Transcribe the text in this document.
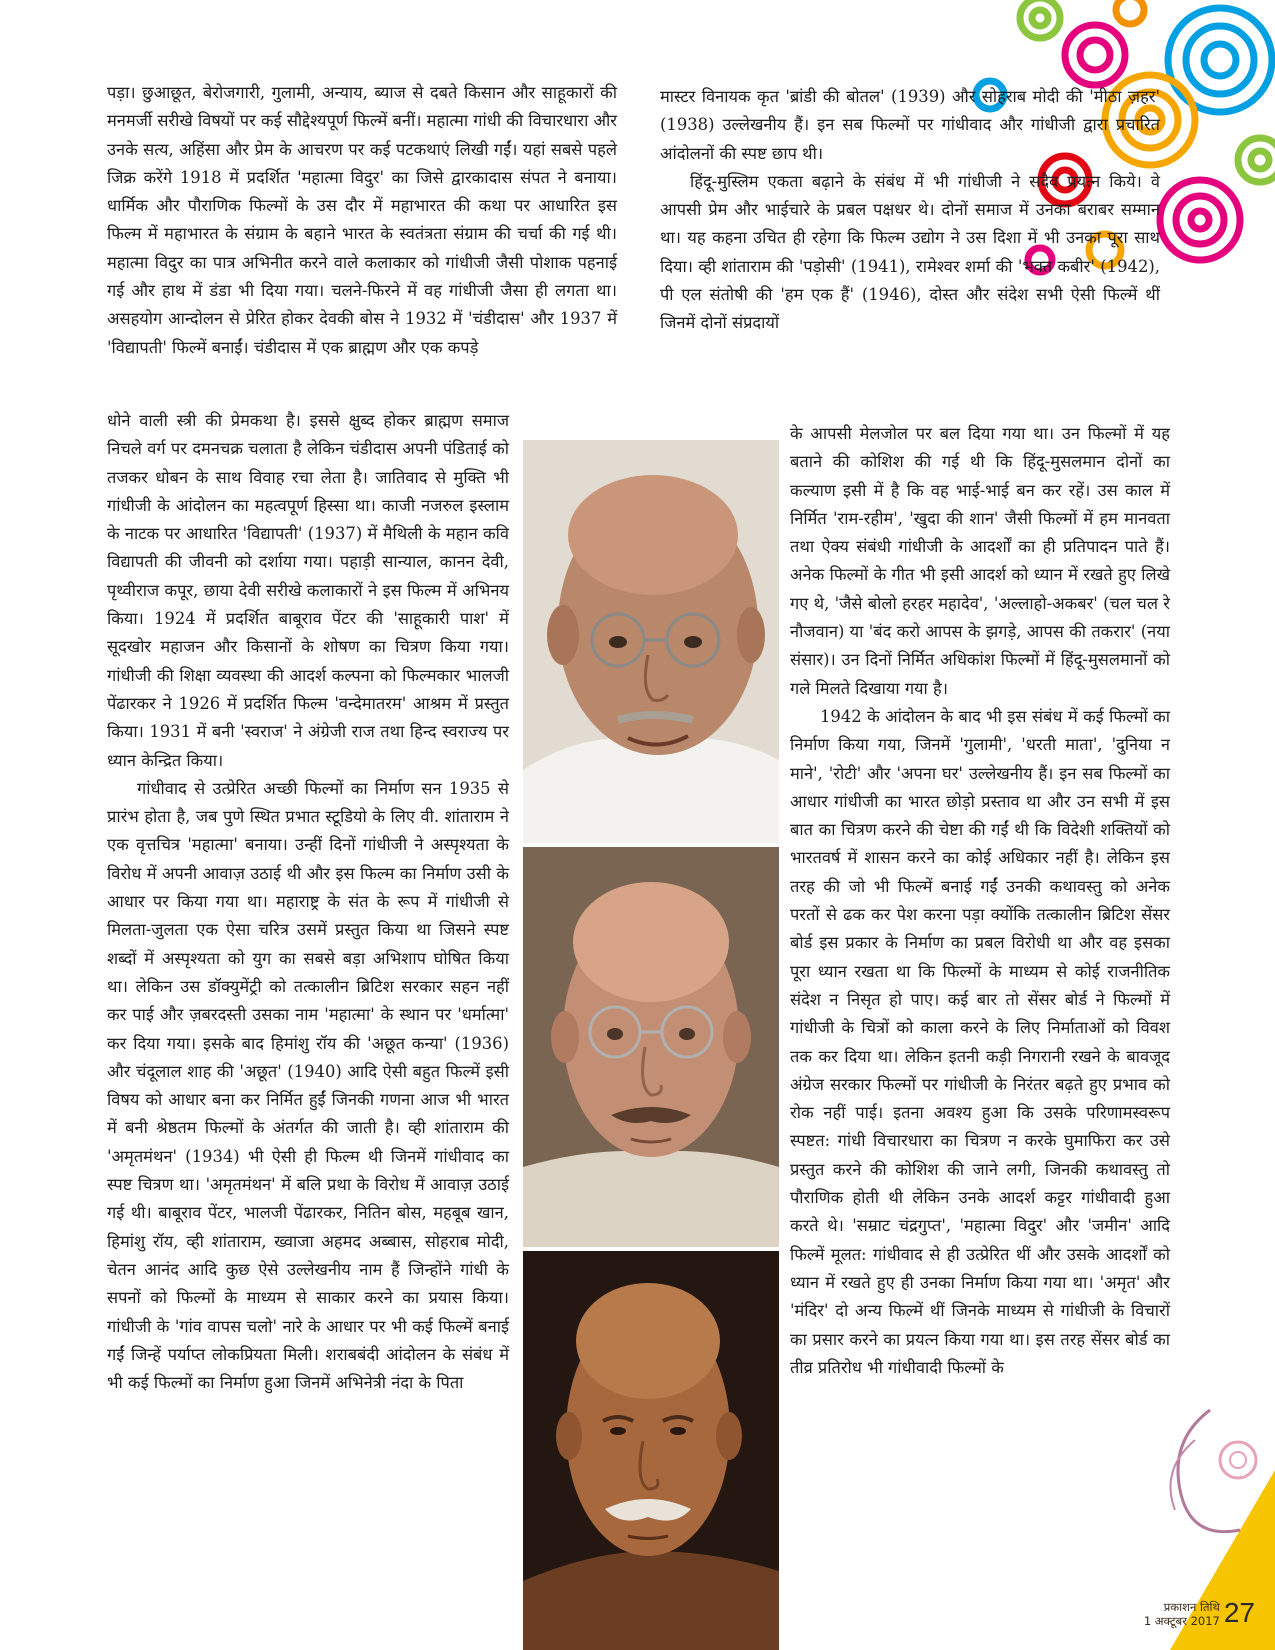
पड़ा। छुआछूत, बेरोजगारी, गुलामी, अन्याय, ब्याज से दबते किसान और साहूकारों की मनमर्जी सरीखे विषयों पर कई सौद्देश्यपूर्ण फिल्में बनीं। महात्मा गांधी की विचारधारा और उनके सत्य, अहिंसा और प्रेम के आचरण पर कई पटकथाएं लिखी गईं। यहां सबसे पहले जिक्र करेंगे 1918 में प्रदर्शित 'महात्मा विदुर' का जिसे द्वारकादास संपत ने बनाया। धार्मिक और पौराणिक फिल्मों के उस दौर में महाभारत की कथा पर आधारित इस फिल्म में महाभारत के संग्राम के बहाने भारत के स्वतंत्रता संग्राम की चर्चा की गई थी। महात्मा विदुर का पात्र अभिनीत करने वाले कलाकार को गांधीजी जैसी पोशाक पहनाई गई और हाथ में डंडा भी दिया गया। चलने-फिरने में वह गांधीजी जैसा ही लगता था। असहयोग आन्दोलन से प्रेरित होकर देवकी बोस ने 1932 में 'चंडीदास' और 1937 में 'विद्यापती' फिल्में बनाईं। चंडीदास में एक ब्राह्मण और एक कपड़े

धोने वाली स्त्री की प्रेमकथा है। इससे क्षुब्द होकर ब्राह्मण समाज निचले वर्ग पर दमनचक्र चलाता है लेकिन चंडीदास अपनी पंडिताई को तजकर धोबन के साथ विवाह रचा लेता है। जातिवाद से मुक्ति भी गांधीजी के आंदोलन का महत्वपूर्ण हिस्सा था। काजी नजरुल इस्लाम के नाटक पर आधारित 'विद्यापती' (1937) में मैथिली के महान कवि विद्यापती की जीवनी को दर्शाया गया। पहाड़ी सान्याल, कानन देवी, पृथ्वीराज कपूर, छाया देवी सरीखे कलाकारों ने इस फिल्म में अभिनय किया। 1924 में प्रदर्शित बाबूराव पेंटर की 'साहूकारी पाश' में सूदखोर महाजन और किसानों के शोषण का चित्रण किया गया। गांधीजी की शिक्षा व्यवस्था की आदर्श कल्पना को फिल्मकार भालजी पेंढारकर ने 1926 में प्रदर्शित फिल्म 'वन्देमातरम' आश्रम में प्रस्तुत किया। 1931 में बनी 'स्वराज' ने अंग्रेजी राज तथा हिन्द स्वराज्य पर ध्यान केन्द्रित किया।

गांधीवाद से उत्प्रेरित अच्छी फिल्मों का निर्माण सन 1935 से प्रारंभ होता है, जब पुणे स्थित प्रभात स्टूडियो के लिए वी. शांताराम ने एक वृत्तचित्र 'महात्मा' बनाया। उन्हीं दिनों गांधीजी ने अस्पृश्यता के विरोध में अपनी आवाज़ उठाई थी और इस फिल्म का निर्माण उसी के आधार पर किया गया था। महाराष्ट्र के संत के रूप में गांधीजी से मिलता-जुलता एक ऐसा चरित्र उसमें प्रस्तुत किया था जिसने स्पष्ट शब्दों में अस्पृश्यता को युग का सबसे बड़ा अभिशाप घोषित किया था। लेकिन उस डॉक्युमेंट्री को तत्कालीन ब्रिटिश सरकार सहन नहीं कर पाई और ज़बरदस्ती उसका नाम 'महात्मा' के स्थान पर 'धर्मात्मा' कर दिया गया। इसके बाद हिमांशु रॉय की 'अछूत कन्या' (1936) और चंदूलाल शाह की 'अछूत' (1940) आदि ऐसी बहुत फिल्में इसी विषय को आधार बना कर निर्मित हुईं जिनकी गणना आज भी भारत में बनी श्रेष्ठतम फिल्मों के अंतर्गत की जाती है। व्ही शांताराम की 'अमृतमंथन' (1934) भी ऐसी ही फिल्म थी जिनमें गांधीवाद का स्पष्ट चित्रण था। 'अमृतमंथन' में बलि प्रथा के विरोध में आवाज़ उठाई गई थी। बाबूराव पेंटर, भालजी पेंढारकर, नितिन बोस, महबूब खान, हिमांशु रॉय, व्ही शांताराम, ख्वाजा अहमद अब्बास, सोहराब मोदी, चेतन आनंद आदि कुछ ऐसे उल्लेखनीय नाम हैं जिन्होंने गांधी के सपनों को फिल्मों के माध्यम से साकार करने का प्रयास किया। गांधीजी के 'गांव वापस चलो' नारे के आधार पर भी कई फिल्में बनाई गईं जिन्हें पर्याप्त लोकप्रियता मिली। शराबबंदी आंदोलन के संबंध में भी कई फिल्मों का निर्माण हुआ जिनमें अभिनेत्री नंदा के पिता

मास्टर विनायक कृत 'ब्रांडी की बोतल' (1939) और सोहराब मोदी की 'मीठा ज़हर' (1938) उल्लेखनीय हैं। इन सब फिल्मों पर गांधीवाद और गांधीजी द्वारा प्रचारित आंदोलनों की स्पष्ट छाप थी।

हिंदू-मुस्लिम एकता बढ़ाने के संबंध में भी गांधीजी ने सदैव प्रयत्न किये। वे आपसी प्रेम और भाईचारे के प्रबल पक्षधर थे। दोनों समाज में उनका बराबर सम्मान था। यह कहना उचित ही रहेगा कि फिल्म उद्योग ने उस दिशा में भी उनका पूरा साथ दिया। व्ही शांताराम की 'पड़ोसी' (1941), रामेश्वर शर्मा की 'भक्त कबीर' (1942), पी एल संतोषी की 'हम एक हैं' (1946), दोस्त और संदेश सभी ऐसी फिल्में थीं जिनमें दोनों संप्रदायों

के आपसी मेलजोल पर बल दिया गया था। उन फिल्मों में यह बताने की कोशिश की गई थी कि हिंदू-मुसलमान दोनों का कल्याण इसी में है कि वह भाई-भाई बन कर रहें। उस काल में निर्मित 'राम-रहीम', 'खुदा की शान' जैसी फिल्मों में हम मानवता तथा ऐक्य संबंधी गांधीजी के आदर्शों का ही प्रतिपादन पाते हैं। अनेक फिल्मों के गीत भी इसी आदर्श को ध्यान में रखते हुए लिखे गए थे, 'जैसे बोलो हरहर महादेव', 'अल्लाहो-अकबर' (चल चल रे नौजवान) या 'बंद करो आपस के झगड़े, आपस की तकरार' (नया संसार)। उन दिनों निर्मित अधिकांश फिल्मों में हिंदू-मुसलमानों को गले मिलते दिखाया गया है।

1942 के आंदोलन के बाद भी इस संबंध में कई फिल्मों का निर्माण किया गया, जिनमें 'गुलामी', 'धरती माता', 'दुनिया न माने', 'रोटी' और 'अपना घर' उल्लेखनीय हैं। इन सब फिल्मों का आधार गांधीजी का भारत छोड़ो प्रस्ताव था और उन सभी में इस बात का चित्रण करने की चेष्टा की गईं थी कि विदेशी शक्तियों को भारतवर्ष में शासन करने का कोई अधिकार नहीं है। लेकिन इस तरह की जो भी फिल्में बनाई गईं उनकी कथावस्तु को अनेक परतों से ढक कर पेश करना पड़ा क्योंकि तत्कालीन ब्रिटिश सेंसर बोर्ड इस प्रकार के निर्माण का प्रबल विरोधी था और वह इसका पूरा ध्यान रखता था कि फिल्मों के माध्यम से कोई राजनीतिक संदेश न निसृत हो पाए। कई बार तो सेंसर बोर्ड ने फिल्मों में गांधीजी के चित्रों को काला करने के लिए निर्माताओं को विवश तक कर दिया था। लेकिन इतनी कड़ी निगरानी रखने के बावजूद अंग्रेज सरकार फिल्मों पर गांधीजी के निरंतर बढ़ते हुए प्रभाव को रोक नहीं पाई। इतना अवश्य हुआ कि उसके परिणामस्वरूप स्पष्टत: गांधी विचारधारा का चित्रण न करके घुमाफिरा कर उसे प्रस्तुत करने की कोशिश की जाने लगी, जिनकी कथावस्तु तो पौराणिक होती थी लेकिन उनके आदर्श कट्टर गांधीवादी हुआ करते थे। 'सम्राट चंद्रगुप्त', 'महात्मा विदुर' और 'जमीन' आदि फिल्में मूलत: गांधीवाद से ही उत्प्रेरित थीं और उसके आदर्शों को ध्यान में रखते हुए ही उनका निर्माण किया गया था। 'अमृत' और 'मंदिर' दो अन्य फिल्में थीं जिनके माध्यम से गांधीजी के विचारों का प्रसार करने का प्रयत्न किया गया था। इस तरह सेंसर बोर्ड का तीव्र प्रतिरोध भी गांधीवादी फिल्मों के

प्रकाशन तिथि
1 अक्टूबर 2017 27
